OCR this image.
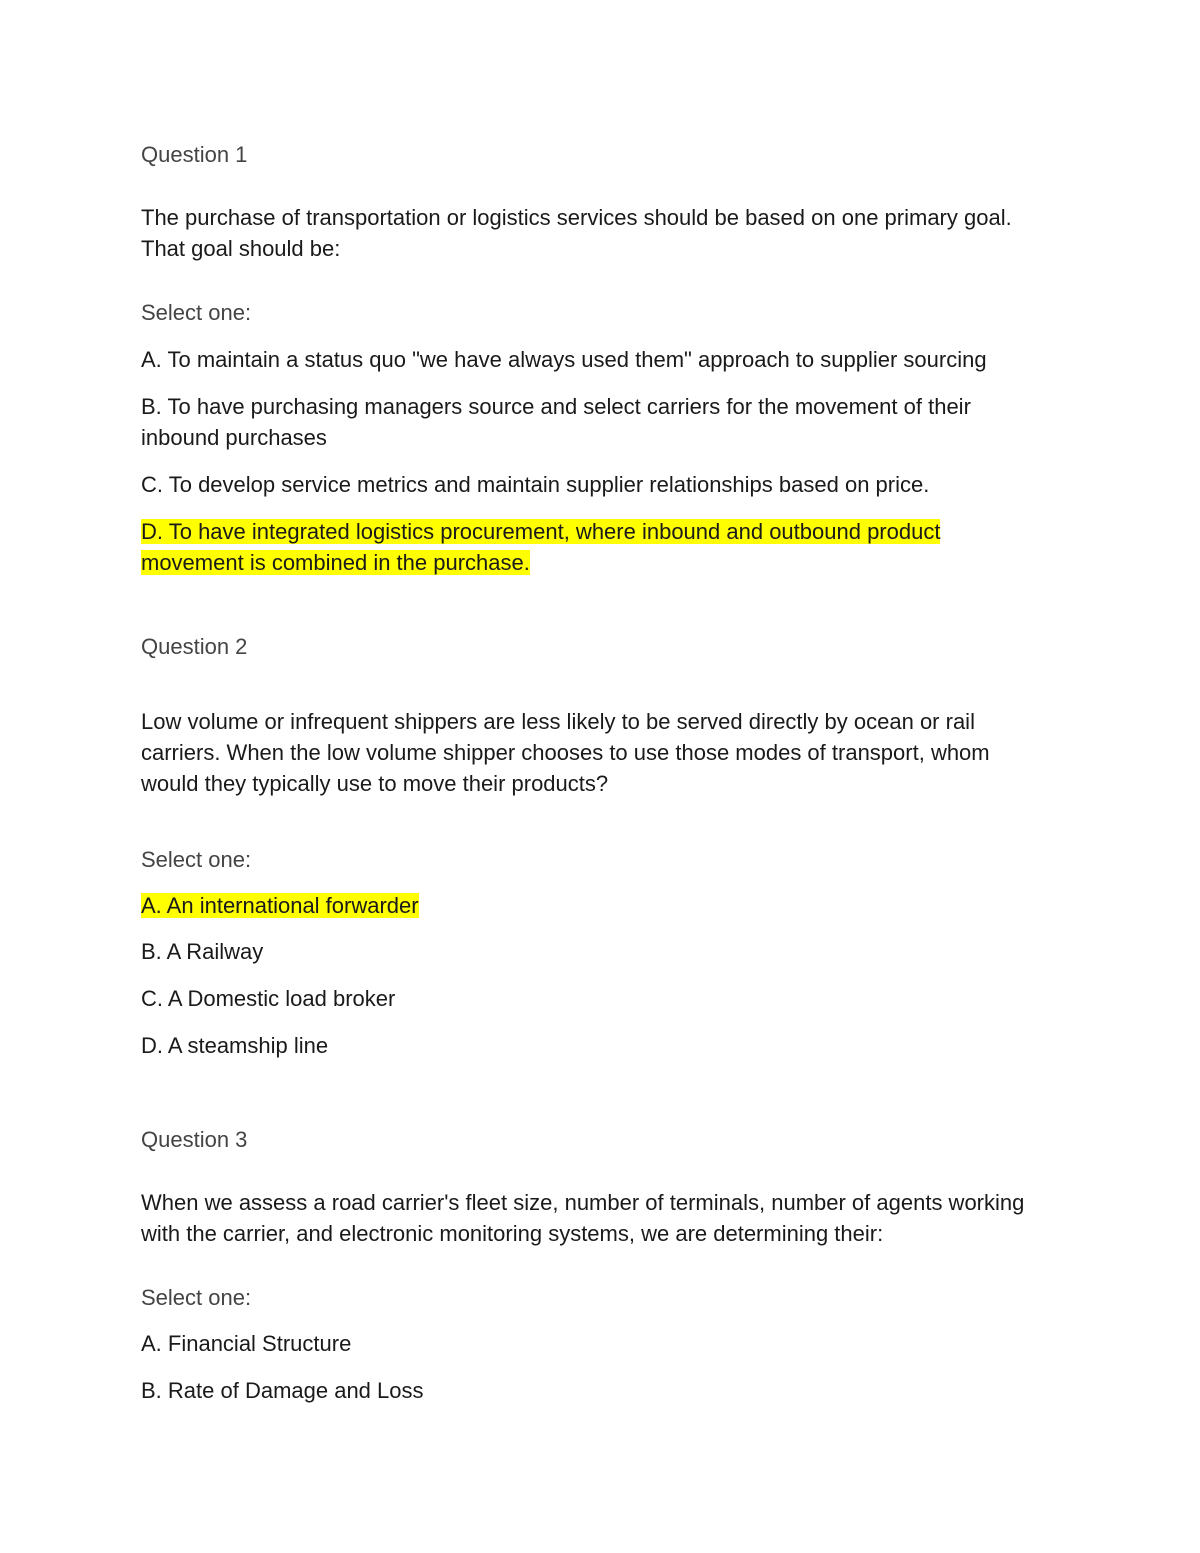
Question 1
The purchase of transportation or logistics services should be based on one primary goal.
That goal should be:
Select one:
A. To maintain a status quo "we have always used them" approach to supplier sourcing
B. To have purchasing managers source and select carriers for the movement of their
inbound purchases
C. To develop service metrics and maintain supplier relationships based on price.
D. To have integrated logistics procurement, where inbound and outbound product
movement is combined in the purchase.
Question 2
Low volume or infrequent shippers are less likely to be served directly by ocean or rail
carriers. When the low volume shipper chooses to use those modes of transport, whom
would they typically use to move their products?
Select one:
A. An international forwarder
B. A Railway
C. A Domestic load broker
D. A steamship line
Question 3
When we assess a road carrier's fleet size, number of terminals, number of agents working
with the carrier, and electronic monitoring systems, we are determining their:
Select one:
A. Financial Structure
B. Rate of Damage and Loss
